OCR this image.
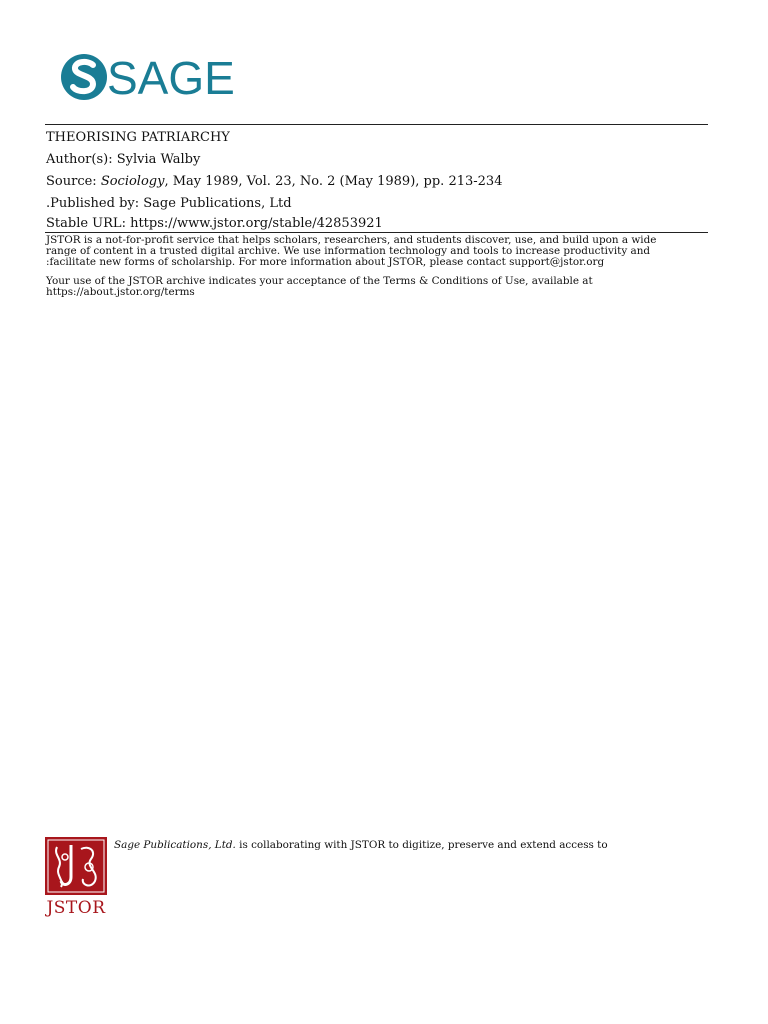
SAGE
THEORISING PATRIARCHY
Author(s): Sylvia Walby
Source: Sociology, May 1989, Vol. 23, No. 2 (May 1989), pp. 213-234
.Published by: Sage Publications, Ltd
Stable URL: https://www.jstor.org/stable/42853921

JSTOR is a not-for-profit service that helps scholars, researchers, and students discover, use, and build upon a wide

range of content in a trusted digital archive. We use information technology and tools to increase productivity and

:facilitate new forms of scholarship. For more information about JSTOR, please contact support@jstor.org

Your use of the JSTOR archive indicates your acceptance of the Terms & Conditions of Use, available at

https://about.jstor.org/terms

JSTOR
Sage Publications, Ltd. is collaborating with JSTOR to digitize, preserve and extend access to
